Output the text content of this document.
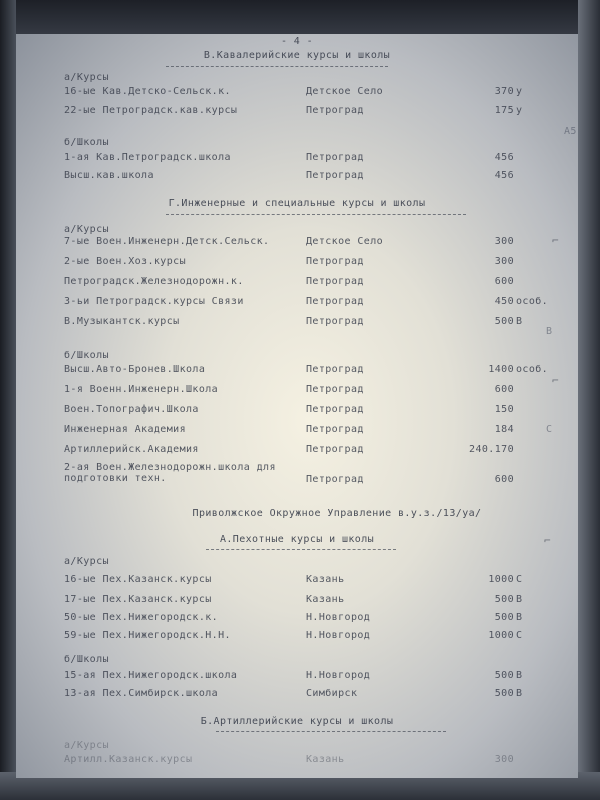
- 4 -
В.Кавалерийские курсы и школы
а/Курсы
16-ые Кав.Детско-Сельск.к.	Детское Село	370 у
22-ые Петроградск.кав.курсы	Петроград	175 у
б/Школы
1-ая Кав.Петроградск.школа	Петроград	456
Высш.кав.школа	Петроград	456
Г.Инженерные и специальные курсы и школы
а/Курсы
7-ые Воен.Инженерн.Детск.Сельск.	Детское Село	300
2-ые Воен.Хоз.курсы	Петроград	300
Петроградск.Железнодорожн.к.	Петроград	600
3-ьи Петроградск.курсы Связи	Петроград	450 особ.
В.Музыкантск.курсы	Петроград	500 В
б/Школы
Высш.Авто-Бронев.Школа	Петроград	1400 особ.
1-я Военн.Инженерн.Школа	Петроград	600
Воен.Топографич.Школа	Петроград	150
Инженерная Академия	Петроград	184
Артиллерийск.Академия	Петроград	240.170
2-ая Воен.Железнодорожн.школа для подготовки техн.	Петроград	600
Приволжское Окружное Управление в.у.з./13/уа/
А.Пехотные курсы и школы
а/Курсы
16-ые Пех.Казанск.курсы	Казань	1000 С
17-ые Пех.Казанск.курсы	Казань	500 В
50-ые Пех.Нижегородск.к.	Н.Новгород	500 В
59-ые Пех.Нижегородск.Н.Н.	Н.Новгород	1000 С
б/Школы
15-ая Пех.Нижегородск.школа	Н.Новгород	500 В
13-ая Пех.Симбирск.школа	Симбирск	500 В
Б.Артиллерийские курсы и школы
а/Курсы
Артилл.Казанск.курсы	Казань	300
А5
В
С
⌐
⌐
⌐
